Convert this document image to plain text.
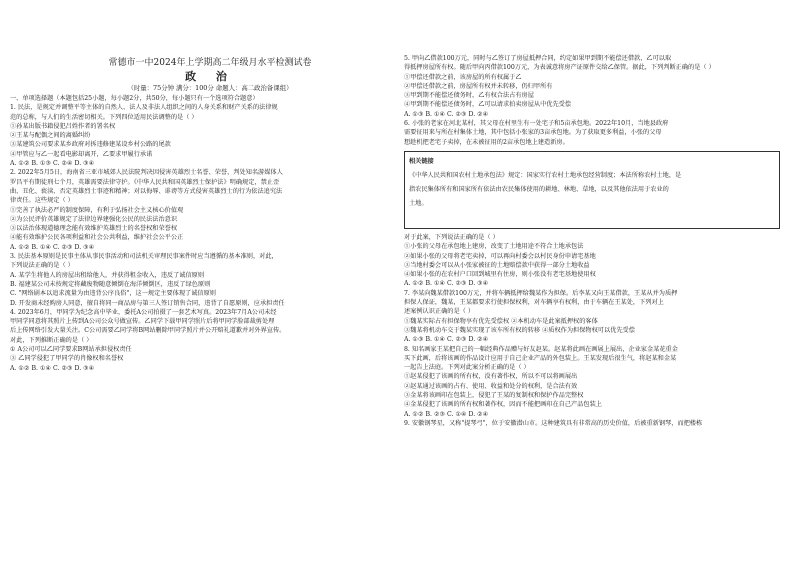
常德市一中2024年上学期高二年级月水平检测试卷
政 治
（时量：75分钟 满分：100分 命题人：高二政治备课组）
一、单项选择题（本题包括25小题，每小题2分，共50分，每小题只有一个选项符合题意）
1. 民法，是规定并调整平等主体的自然人、法人及非法人组织之间的人身关系和财产关系的法律规
范的总称，与人们的生活密切相关。下列四位适用民法调整的是（ ）
①孙某出版书籍侵犯吕姓作者的署名权
②王某与配偶之间的离婚纠纷
③某建筑公司要求某乡政府对拆违修建某设乡村公路的尾款
④甲管应与乙一起看电影却离开，乙要求甲履行承诺
A. ①② B. ①③ C. ②④ D. ③④
2. 2022年5月5日，海南省三亚市城郊人民法院判决因侵害英雄烈士名誉、荣誉，判处知名游媒体人
罗昌平有期徒刑七个月，英雄需要法律守护。《中华人民共和国英雄烈士保护法》明确规定，禁止歪
曲、丑化、亵渎、否定英雄烈士事迹和精神；对以侮辱、诽谤等方式侵害英雄烈士的行为依法追究法
律责任。这些规定（ ）
①完善了执法必严的制度保障，有利于弘扬社会主义核心价值观
②为公民评价英雄规定了法律边界建强化公民的民法法治意识
③以法治体现道德理念能有效维护英雄烈士的名誉权和荣誉权
④能有效维护公民各项利益和社会公共利益，维护社会公平公正
A. ①② B. ①④ C. ②③ D. ③④
3. 民法基本原则是民事主体从事民事活动和司法机关审理民事案件时应当遵循的基本准则，对此，
下列说法正确的是（ ）
A. 某学生将他人的房屋出租给他人，并获得租金收入，违反了诚信原则
B. 福建某公司未按规定将藏废物随意倾倒在海洋倾倒区，违反了绿色原则
C. "网络剧本以追求流量为由违背公序良俗"，这一规定主要体现了诚信原则
D. 开发商未经购房人同意，擅自将同一商品房与第三人签订销售合同，违背了自愿原则，应承担责任
4. 2023年6月，甲同学为纪念高中毕业，委托A公司拍摄了一套艺术写真。2023年7月A公司未经
甲同学同意将其照片上传到A公司公众号做宣传。乙同学下载甲同学照片后将甲同学脸部裁剪处理
后上传网络引发大量关注。C公司需要乙同学将B网站删除甲同学照片并公开赔礼道歉并对外界宣传。
对此，下列推断正确的是（ ）
① A公司可以乙同学要求B网站承担侵权责任
③ 乙同学侵犯了甲同学的肖像权和名誉权
A. ①② B. ①④ C. ②③ D. ③④
5. 甲向乙借款100万元，同时与乙签订了房屋抵押合同，约定如果甲到期不能偿还借款，乙可以取
得抵押房屋所有权。随后甲向丙借款100万元，为表诚意将房产证原件交给乙保管。据此，下列判断正确的是（ ）
①甲偿还借款之前，该房屋的所有权属于乙
②甲偿还借款之前，房屋所有权并未转移，仍归甲所有
③甲到期不能偿还债务时，乙有权合法占有房屋
④甲到期不能偿还债务时，乙可以请求拍卖房屋从中优先受偿
A. ①③ B. ①④ C. ②③ D. ②④
6. 小张的老家在河北某村，其父母在村里生有一处宅子和5亩承包地。2022年10月，当地县政府
需要征用来与所在村集体土地，其中包括小张家的3亩承包地。为了获取更多利益，小张的父母
想趁机把老宅子卖掉，在未被征用的2亩承包地上建造新房。
相关链接
《中华人民共和国农村土地承包法》规定：国家实行农村土地承包经营制度；本法所称农村土地，是
指农民集体所有和国家所有依法由农民集体使用的耕地、林地、草地，以及其他依法用于农业的
土地。
对于此案，下列说法正确的是（ ）
①小张的父母在承包地上建房，改变了土地用途不符合土地承包法
②如果小张的父母将老宅卖掉，可以再向村委会以村民身份申请宅基地
③当地村委会可以从小张家被征的土地赔偿款中获得一部分土地收益
④如果小张的在农村户口回到城里有住房，则小张没有老宅基地使用权
A. ①② B. ①④ C. ②③ D. ③④
7. 李某向魏某借款100万元，并将车辆抵押给魏某作为担保。后李某又向王某借款，王某从并为质押
担保人保证，魏某，王某都要求行使担保权利，对车辆享有权利，由于车辆在王某处，下列对上
述案例认识正确的是（ ）
①魏某实际占有担保物享有优先受偿权 ②本机动车是此案抵押权的客体
③魏某将机动车交于魏某实现了该车所有权的转移 ④质权作为担保物权可以优先受偿
A. ①③ B. ①④ C. ②③ D. ②④
8. 知名画家王某把自己的一幅经典作品赠与好友赵某。赵某将此画在画展上展出，企业家金某花重金
买下此画，后将该画的作品设计应用于自己企业产品的外包装上。王某发现后很生气，将赵某和金某
一起告上法庭。下列对此案分析正确的是（ ）
①赵某侵犯了该画的所有权，没有著作权，所以不可以将画展出
②赵某通过该画的占有、使用、收益和处分的权利，是合法有效
③金某将该画印在包装上，侵犯了王某的复制权和保护作品完整权
④金某侵犯了该画的所有权和著作权，因而不能把画印在自己产品包装上
A. ①② B. ②③ C. ①④ D. ②④
9. 安徽钢琴星，又称"提琴弓"，位于安徽潜山市。这种建筑具有非常高的历史价值，后被重新钢琴，而把楼栋
